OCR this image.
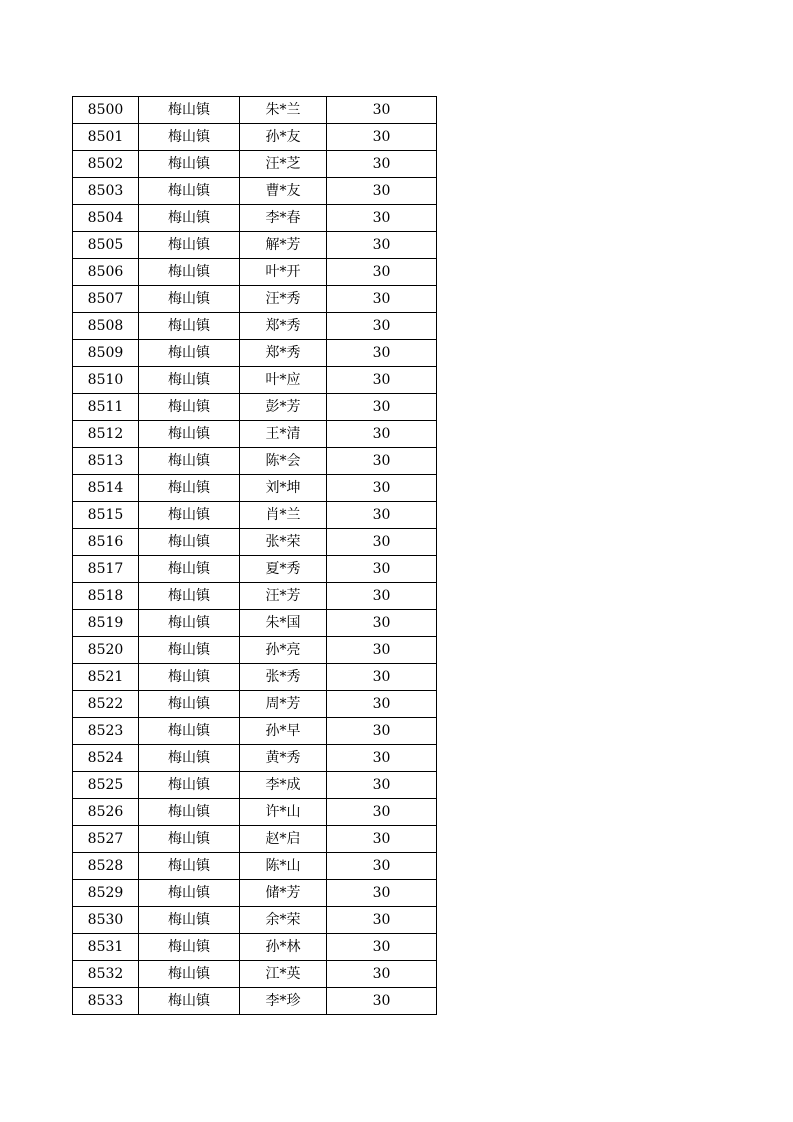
8500	梅山镇	朱*兰	30
8501	梅山镇	孙*友	30
8502	梅山镇	汪*芝	30
8503	梅山镇	曹*友	30
8504	梅山镇	李*春	30
8505	梅山镇	解*芳	30
8506	梅山镇	叶*开	30
8507	梅山镇	汪*秀	30
8508	梅山镇	郑*秀	30
8509	梅山镇	郑*秀	30
8510	梅山镇	叶*应	30
8511	梅山镇	彭*芳	30
8512	梅山镇	王*清	30
8513	梅山镇	陈*会	30
8514	梅山镇	刘*坤	30
8515	梅山镇	肖*兰	30
8516	梅山镇	张*荣	30
8517	梅山镇	夏*秀	30
8518	梅山镇	汪*芳	30
8519	梅山镇	朱*国	30
8520	梅山镇	孙*亮	30
8521	梅山镇	张*秀	30
8522	梅山镇	周*芳	30
8523	梅山镇	孙*早	30
8524	梅山镇	黄*秀	30
8525	梅山镇	李*成	30
8526	梅山镇	许*山	30
8527	梅山镇	赵*启	30
8528	梅山镇	陈*山	30
8529	梅山镇	储*芳	30
8530	梅山镇	余*荣	30
8531	梅山镇	孙*林	30
8532	梅山镇	江*英	30
8533	梅山镇	李*珍	30
